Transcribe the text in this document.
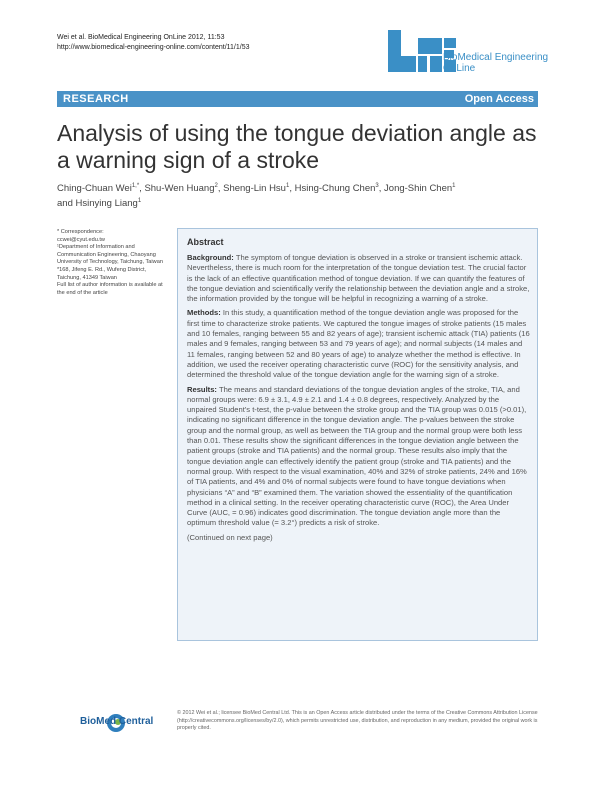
Wei et al. BioMedical Engineering OnLine 2012, 11:53
http://www.biomedical-engineering-online.com/content/11/1/53
BioMedical Engineering
OnLine
RESEARCH	Open Access
Analysis of using the tongue deviation angle as a warning sign of a stroke
Ching-Chuan Wei$^{1,*}$, Shu-Wen Huang$^2$, Sheng-Lin Hsu$^1$, Hsing-Chung Chen$^3$, Jong-Shin Chen$^1$
and Hsinying Liang$^1$
* Correspondence:
ccwei@cyut.edu.tw
¹Department of Information and Communication Engineering, Chaoyang University of Technology, Taichung, Taiwan
*168, Jifeng E. Rd., Wufeng District, Taichung, 41349 Taiwan
Full list of author information is available at the end of the article
Abstract

Background: The symptom of tongue deviation is observed in a stroke or transient ischemic attack. Nevertheless, there is much room for the interpretation of the tongue deviation test. The crucial factor is the lack of an effective quantification method of tongue deviation. If we can quantify the features of the tongue deviation and scientifically verify the relationship between the deviation angle and a stroke, the information provided by the tongue will be helpful in recognizing a warning of a stroke.

Methods: In this study, a quantification method of the tongue deviation angle was proposed for the first time to characterize stroke patients. We captured the tongue images of stroke patients (15 males and 10 females, ranging between 55 and 82 years of age); transient ischemic attack (TIA) patients (16 males and 9 females, ranging between 53 and 79 years of age); and normal subjects (14 males and 11 females, ranging between 52 and 80 years of age) to analyze whether the method is effective. In addition, we used the receiver operating characteristic curve (ROC) for the sensitivity analysis, and determined the threshold value of the tongue deviation angle for the warning sign of a stroke.

Results: The means and standard deviations of the tongue deviation angles of the stroke, TIA, and normal groups were: 6.9 ± 3.1, 4.9 ± 2.1 and 1.4 ± 0.8 degrees, respectively. Analyzed by the unpaired Student's t-test, the p-value between the stroke group and the TIA group was 0.015 (>0.01), indicating no significant difference in the tongue deviation angle. The p-values between the stroke group and the normal group, as well as between the TIA group and the normal group were both less than 0.01. These results show the significant differences in the tongue deviation angle between the patient groups (stroke and TIA patients) and the normal group. These results also imply that the tongue deviation angle can effectively identify the patient group (stroke and TIA patients) and the normal group. With respect to the visual examination, 40% and 32% of stroke patients, 24% and 16% of TIA patients, and 4% and 0% of normal subjects were found to have tongue deviations when physicians “A” and “B” examined them. The variation showed the essentiality of the quantification method in a clinical setting. In the receiver operating characteristic curve (ROC), the Area Under Curve (AUC, = 0.96) indicates good discrimination. The tongue deviation angle more than the optimum threshold value (= 3.2°) predicts a risk of stroke.

(Continued on next page)
BioMed Central
© 2012 Wei et al.; licensee BioMed Central Ltd. This is an Open Access article distributed under the terms of the Creative Commons Attribution License (http://creativecommons.org/licenses/by/2.0), which permits unrestricted use, distribution, and reproduction in any medium, provided the original work is properly cited.
